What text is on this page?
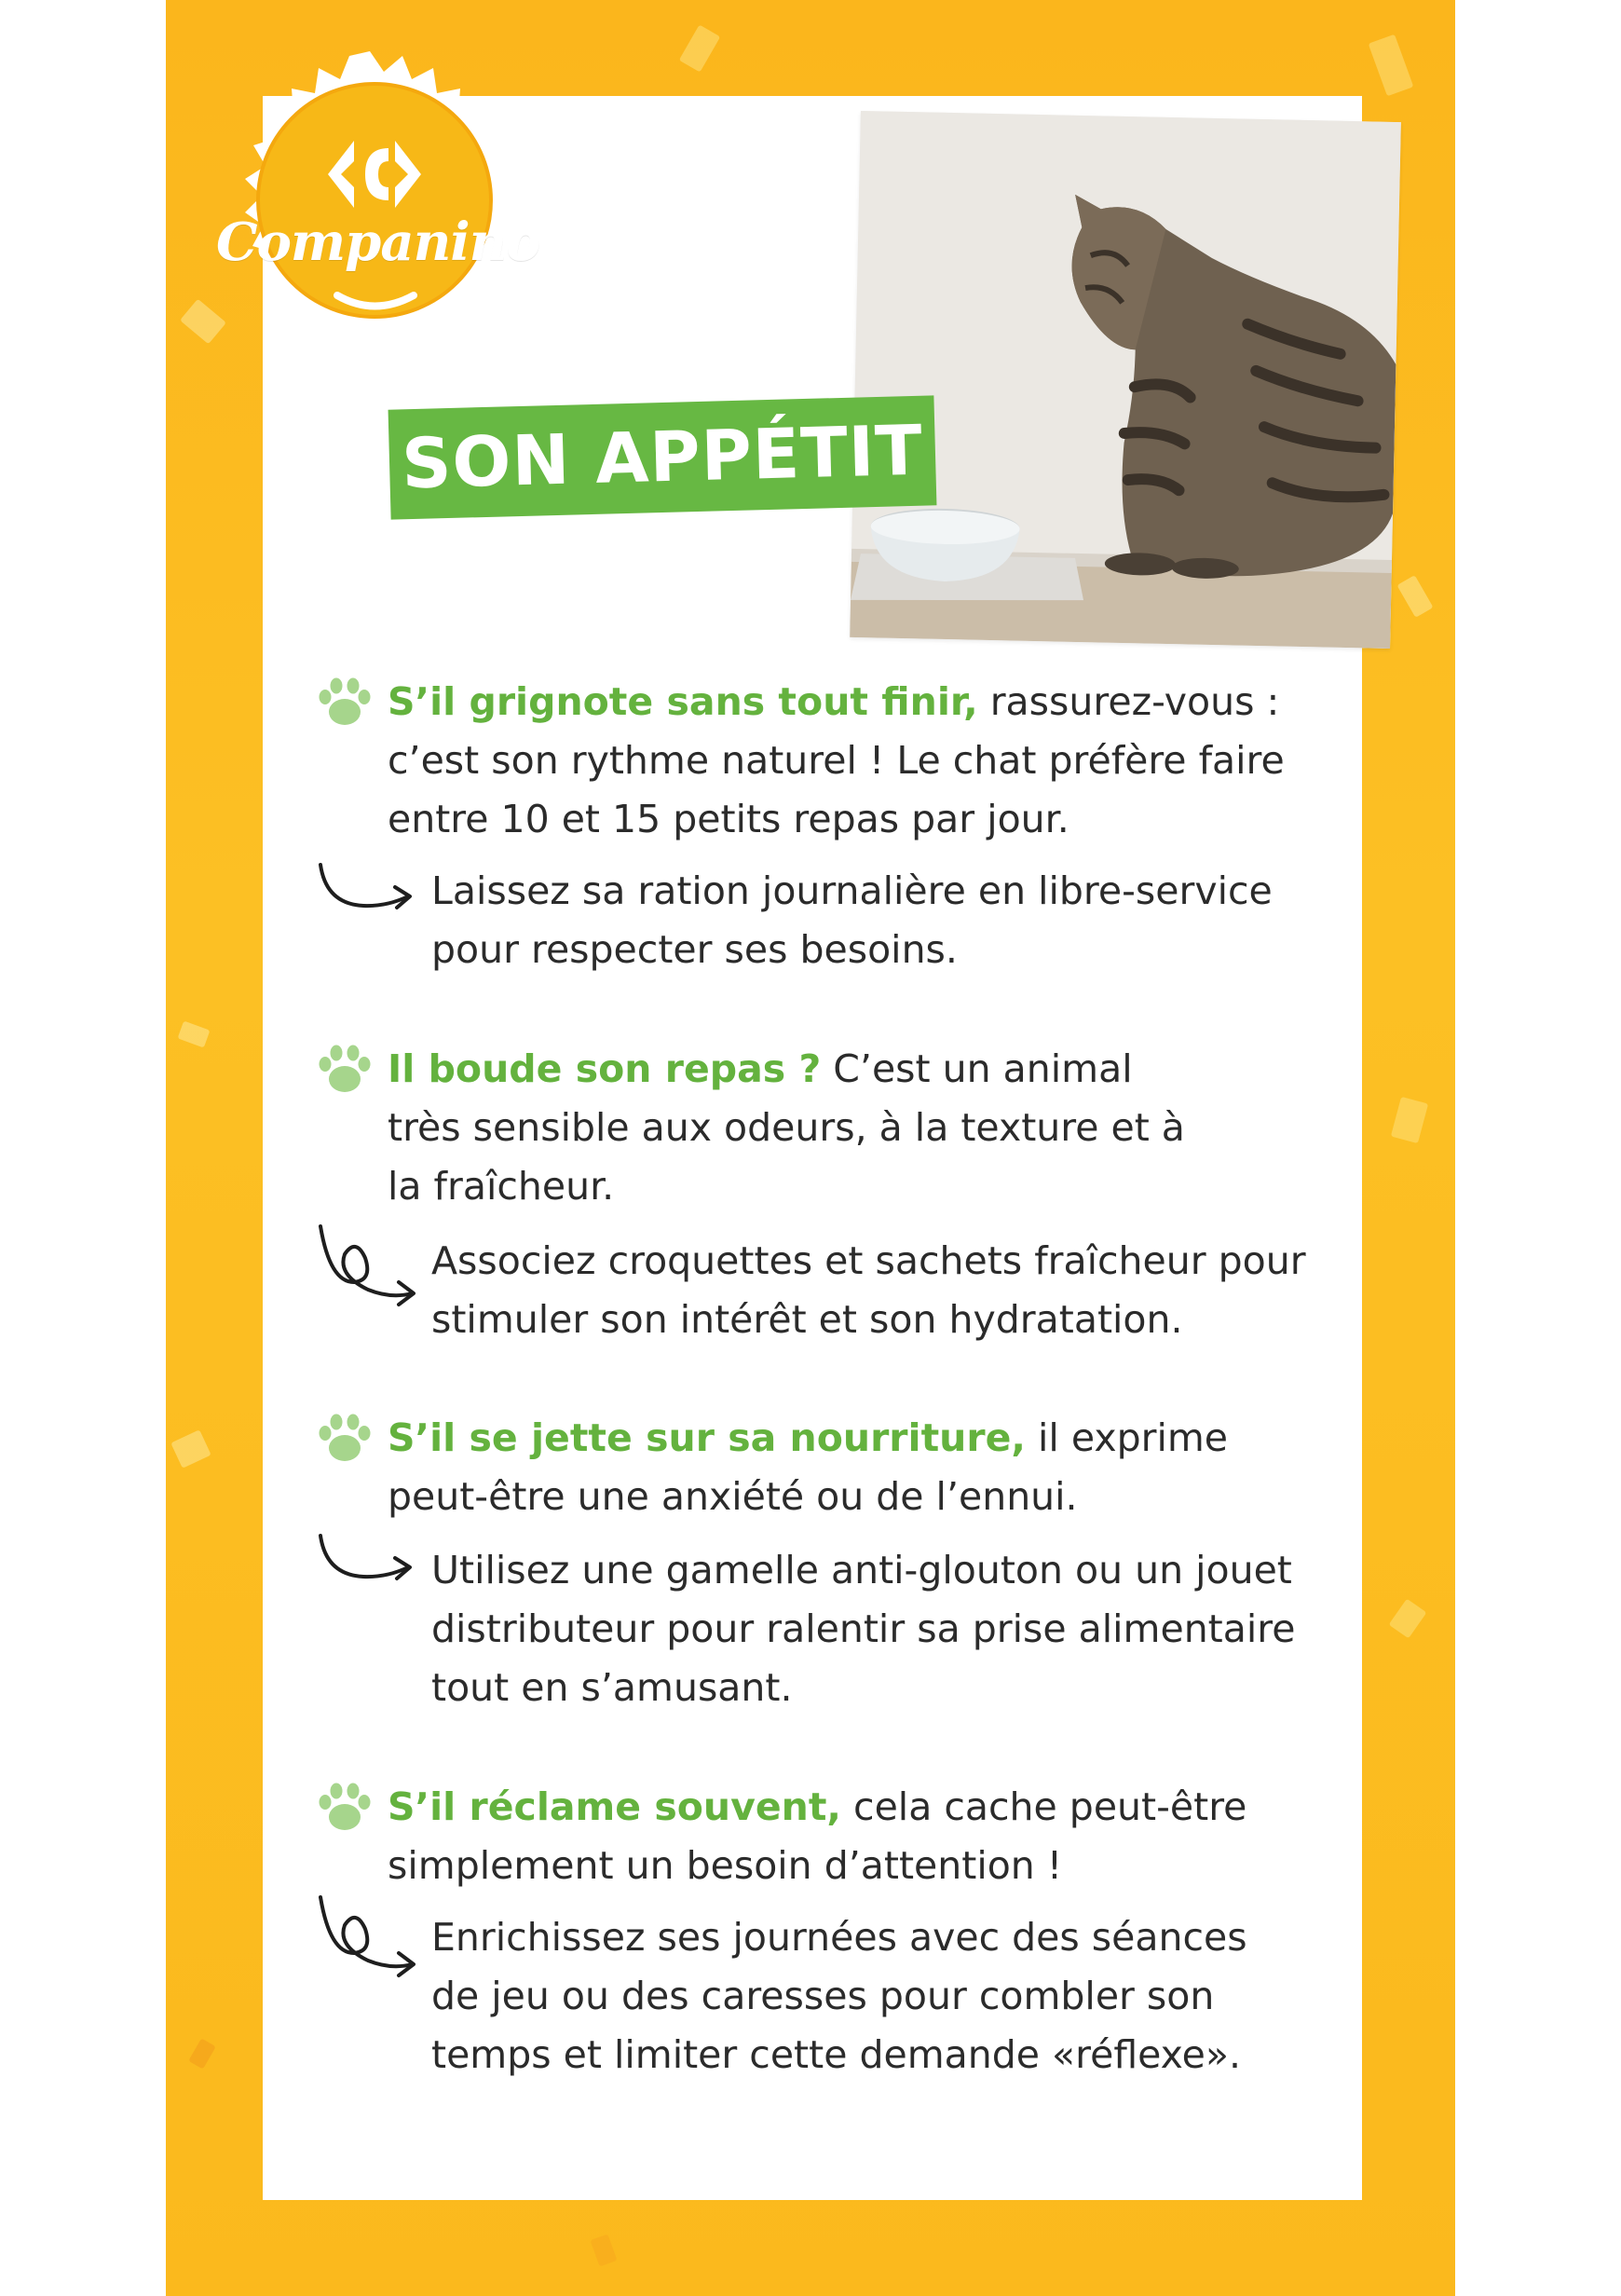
Companino
SON APPÉTIT
S’il grignote sans tout finir, rassurez-vous : c’est son rythme naturel ! Le chat préfère faire entre 10 et 15 petits repas par jour.
Laissez sa ration journalière en libre-service pour respecter ses besoins.
Il boude son repas ? C’est un animal très sensible aux odeurs, à la texture et à la fraîcheur.
Associez croquettes et sachets fraîcheur pour stimuler son intérêt et son hydratation.
S’il se jette sur sa nourriture, il exprime peut-être une anxiété ou de l’ennui.
Utilisez une gamelle anti-glouton ou un jouet distributeur pour ralentir sa prise alimentaire tout en s’amusant.
S’il réclame souvent, cela cache peut-être simplement un besoin d’attention !
Enrichissez ses journées avec des séances de jeu ou des caresses pour combler son temps et limiter cette demande «réflexe».
